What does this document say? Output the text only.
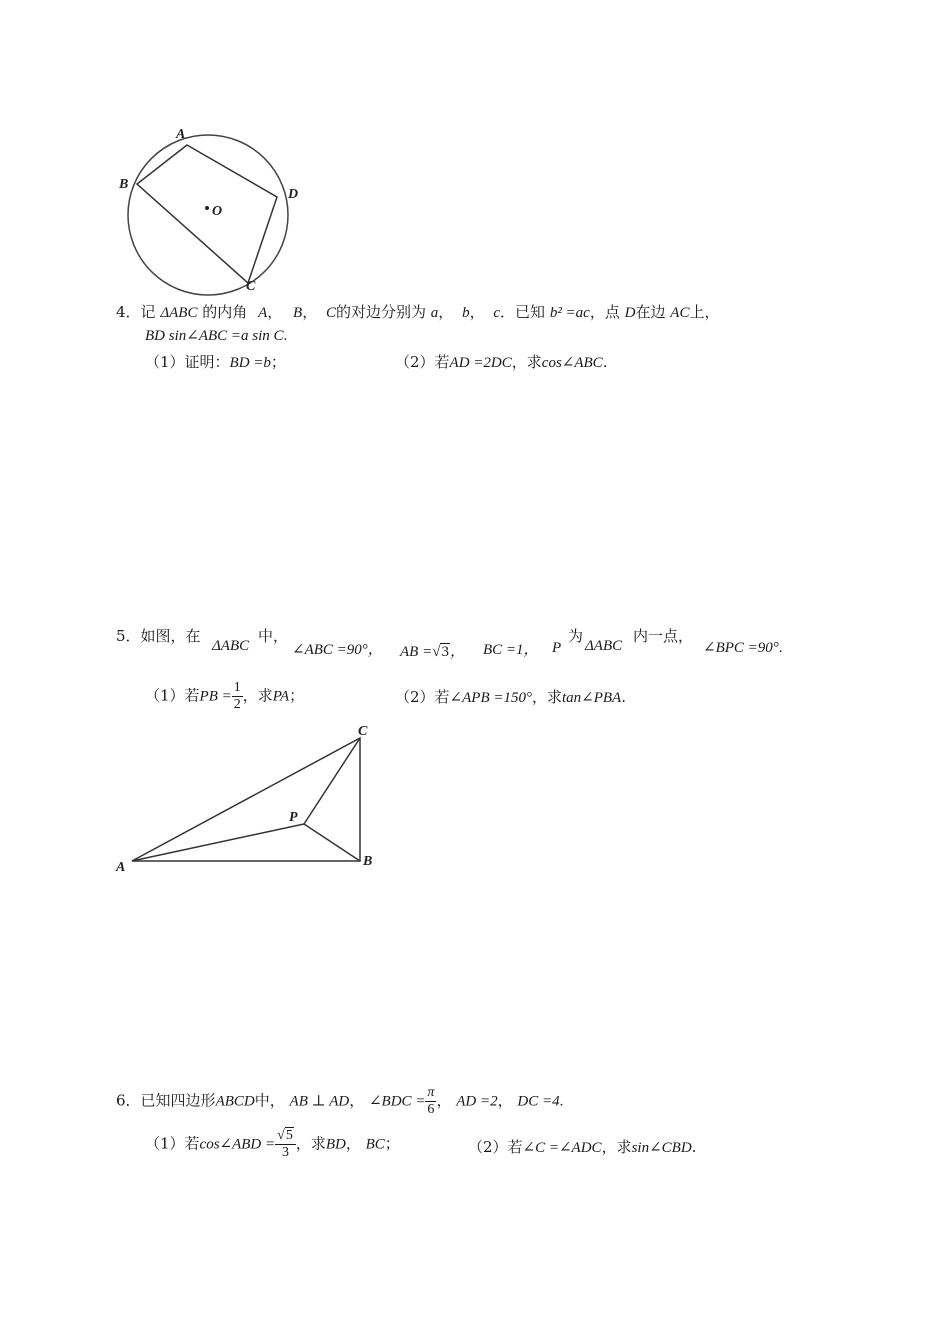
A
B
C
D
O
4．记 ΔABC 的内角 A， B， C的对边分别为 a， b， c．已知 b² =ac，点 D在边 AC上，
BD sin∠ABC =a sin C.
（1）证明：BD =b；	（2）若AD =2DC，求cos∠ABC.
5．如图，在
ΔABC
中，
∠ABC =90°， AB =√3， BC =1， P
为
ΔABC
内一点，
∠BPC =90°.
（1）若PB = $\frac{1}{2}$ ，求PA；	（2）若∠APB =150°，求tan∠PBA.
A	B
C
P
6．已知四边形ABCD中， AB ⊥ AD， ∠BDC = $\frac{\pi}{6}$ ， AD =2， DC =4.
（1）若cos∠ABD = $\frac{√5}{3}$ ，求BD， BC；	（2）若∠C =∠ADC，求sin∠CBD.
